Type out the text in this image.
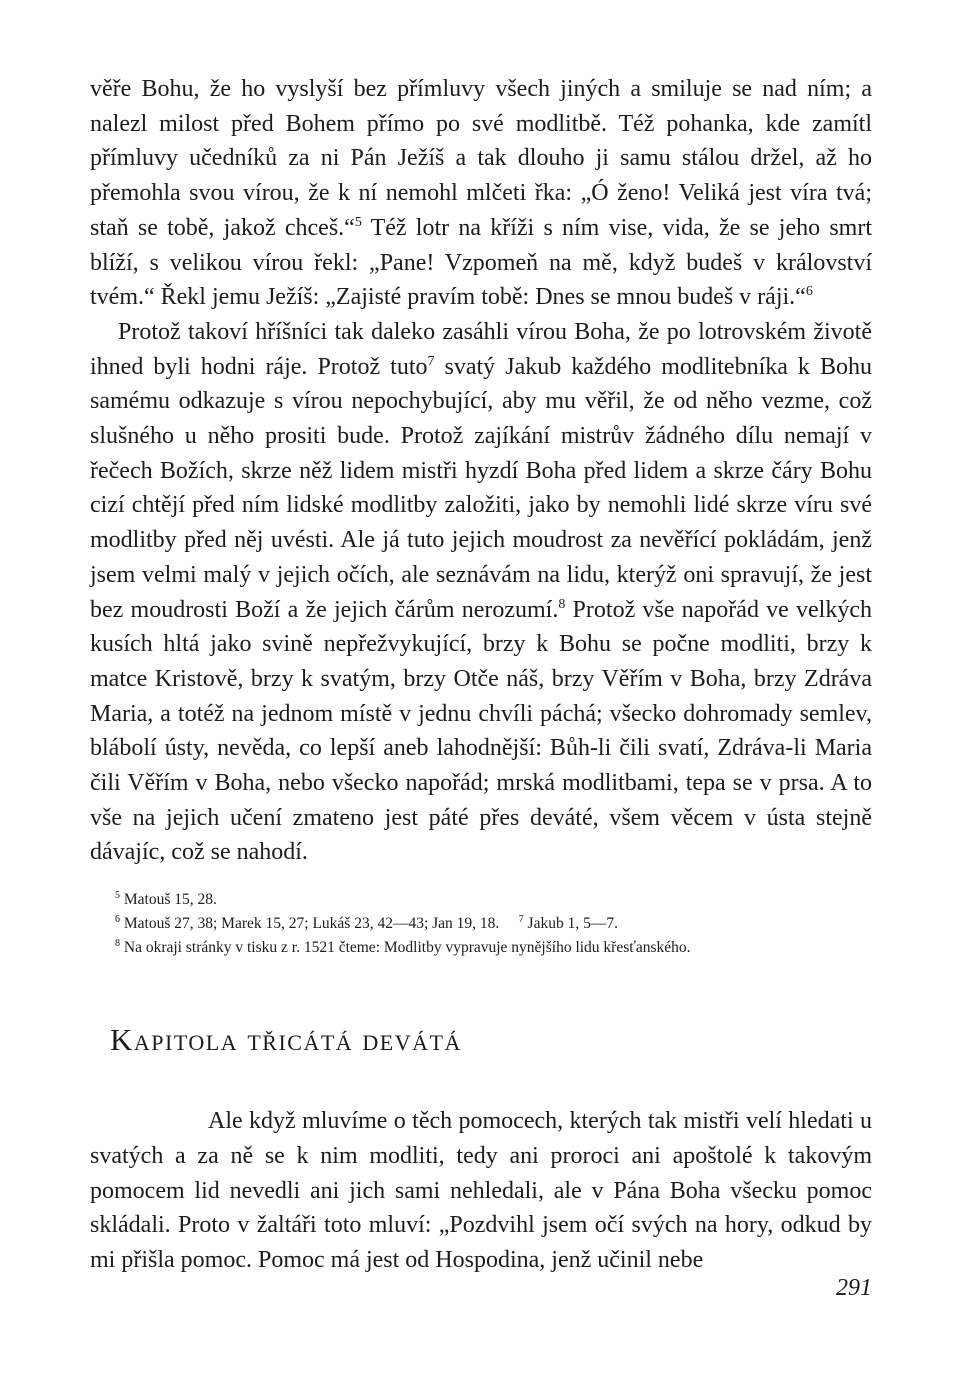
věře Bohu, že ho vyslyší bez přímluvy všech jiných a smiluje se nad ním; a nalezl milost před Bohem přímo po své modlitbě. Též pohanka, kde zamítl přímluvy učedníků za ni Pán Ježíš a tak dlouho ji samu stálou držel, až ho přemohla svou vírou, že k ní nemohl mlčeti řka: „Ó ženo! Veliká jest víra tvá; staň se tobě, jakož chceš.“$^5$ Též lotr na kříži s ním vise, vida, že se jeho smrt blíží, s velikou vírou řekl: „Pane! Vzpomeň na mě, když budeš v království tvém.“ Řekl jemu Ježíš: „Zajisté pravím tobě: Dnes se mnou budeš v ráji.“$^6$

Protož takoví hříšníci tak daleko zasáhli vírou Boha, že po lotrovském životě ihned byli hodni ráje. Protož tuto$^7$ svatý Jakub každého modlitebníka k Bohu samému odkazuje s vírou nepochybující, aby mu věřil, že od něho vezme, což slušného u něho prositi bude. Protož zajíkání mistrův žádného dílu nemají v řečech Božích, skrze něž lidem mistři hyzdí Boha před lidem a skrze čáry Bohu cizí chtějí před ním lidské modlitby založiti, jako by nemohli lidé skrze víru své modlitby před něj uvésti. Ale já tuto jejich moudrost za nevěřící pokládám, jenž jsem velmi malý v jejich očích, ale seznávám na lidu, kterýž oni spravují, že jest bez moudrosti Boží a že jejich čárům nerozumí.$^8$ Protož vše napořád ve velkých kusích hltá jako svině nepřežvykující, brzy k Bohu se počne modliti, brzy k matce Kristově, brzy k svatým, brzy Otče náš, brzy Věřím v Boha, brzy Zdráva Maria, a totéž na jednom místě v jednu chvíli páchá; všecko dohromady semlev, blábolí ústy, nevěda, co lepší aneb lahodnější: Bůh-li čili svatí, Zdráva-li Maria čili Věřím v Boha, nebo všecko napořád; mrská modlitbami, tepa se v prsa. A to vše na jejich učení zmateno jest páté přes deváté, všem věcem v ústa stejně dávajíc, což se nahodí.

$^5$ Matouš 15, 28.

$^6$ Matouš 27, 38; Marek 15, 27; Lukáš 23, 42—43; Jan 19, 18.     $^7$ Jakub 1, 5—7.

$^8$ Na okraji stránky v tisku z r. 1521 čteme: Modlitby vypravuje nynějšího lidu křesťanského.

Kapitola třicátá devátá

Ale když mluvíme o těch pomocech, kterých tak mistři velí hledati u svatých a za ně se k nim modliti, tedy ani proroci ani apoštolé k takovým pomocem lid nevedli ani jich sami nehledali, ale v Pána Boha všecku pomoc skládali. Proto v žaltáři toto mluví: „Pozdvihl jsem očí svých na hory, odkud by mi přišla pomoc. Pomoc má jest od Hospodina, jenž učinil nebe

291
